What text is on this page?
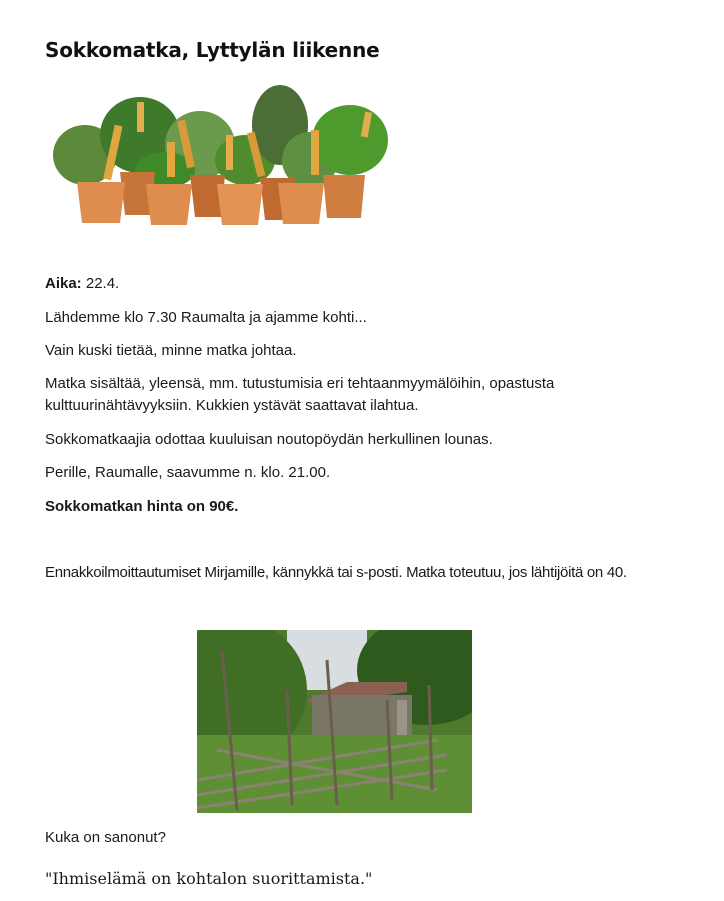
Sokkomatka, Lyttylän liikenne

Aika: 22.4.

Lähdemme klo 7.30 Raumalta ja ajamme kohti...

Vain kuski tietää, minne matka johtaa.

Matka sisältää, yleensä, mm. tutustumisia eri tehtaanmyymälöihin, opastusta kulttuurinähtävyyksiin. Kukkien ystävät saattavat ilahtua.

Sokkomatkaajia odottaa kuuluisan noutopöydän herkullinen lounas.

Perille, Raumalle, saavumme n. klo. 21.00.

Sokkomatkan hinta on 90€.

Ennakkoilmoittautumiset Mirjamille, kännykkä tai s-posti. Matka toteutuu, jos lähtijöitä on 40.

Kuka on sanonut?

"Ihmiselämä on kohtalon suorittamista."
